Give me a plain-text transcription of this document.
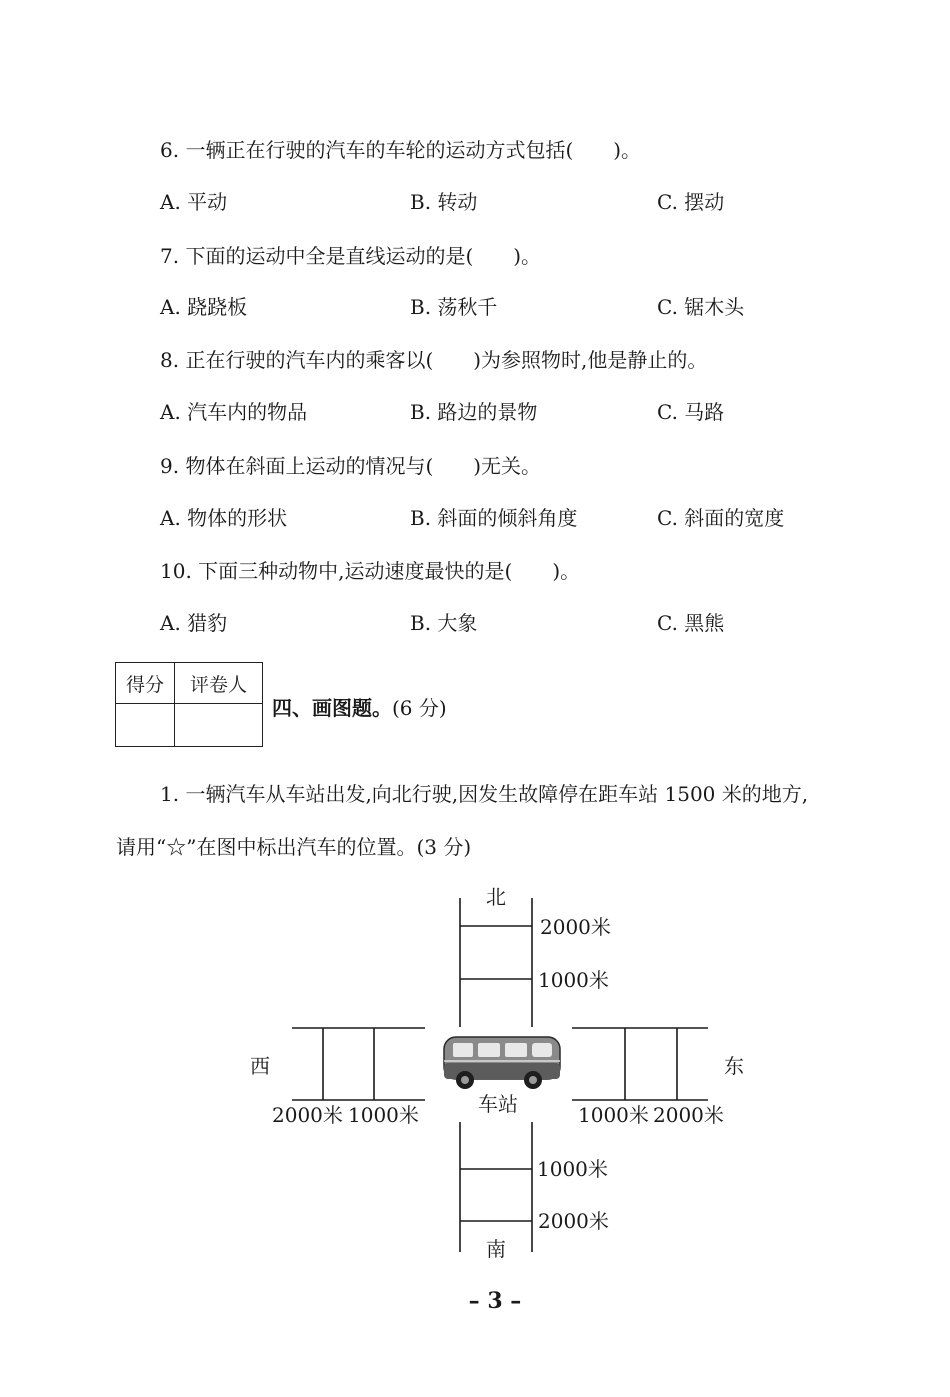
6. 一辆正在行驶的汽车的车轮的运动方式包括(　　)。
A. 平动	B. 转动	C. 摆动
7. 下面的运动中全是直线运动的是(　　)。
A. 跷跷板	B. 荡秋千	C. 锯木头
8. 正在行驶的汽车内的乘客以(　　)为参照物时,他是静止的。
A. 汽车内的物品	B. 路边的景物	C. 马路
9. 物体在斜面上运动的情况与(　　)无关。
A. 物体的形状	B. 斜面的倾斜角度	C. 斜面的宽度
10. 下面三种动物中,运动速度最快的是(　　)。
A. 猎豹	B. 大象	C. 黑熊
得分	评卷人

四、画图题。(6 分)
1. 一辆汽车从车站出发,向北行驶,因发生故障停在距车站 1500 米的地方,
请用“☆”在图中标出汽车的位置。(3 分)
北
南
东
西
车站
2000米
1000米
1000米
2000米
2000米 1000米	1000米 2000米
– 3 –
